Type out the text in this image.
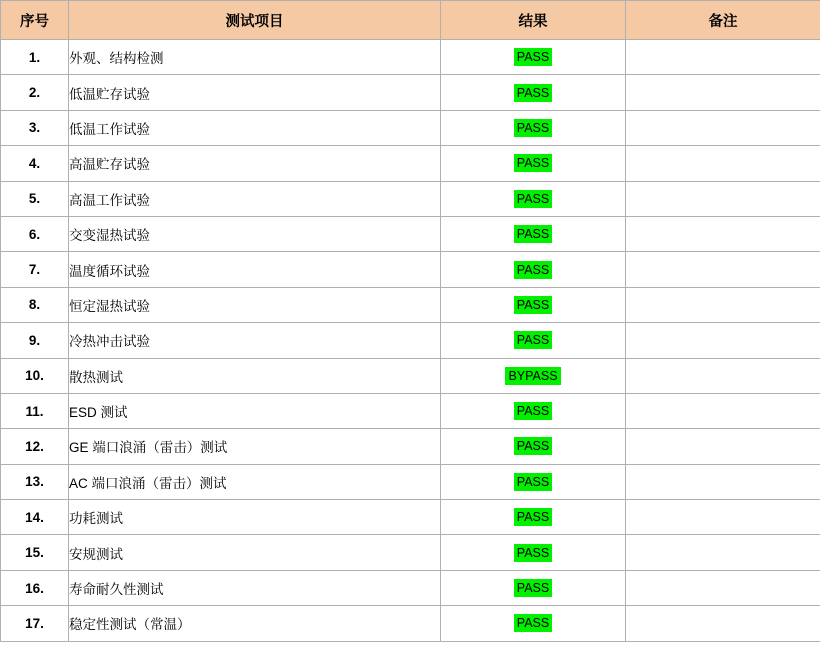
序号	测试项目	结果	备注
1.	外观、结构检测	PASS	
2.	低温贮存试验	PASS	
3.	低温工作试验	PASS	
4.	高温贮存试验	PASS	
5.	高温工作试验	PASS	
6.	交变湿热试验	PASS	
7.	温度循环试验	PASS	
8.	恒定湿热试验	PASS	
9.	冷热冲击试验	PASS	
10.	散热测试	BYPASS	
11.	ESD 测试	PASS	
12.	GE 端口浪涌（雷击）测试	PASS	
13.	AC 端口浪涌（雷击）测试	PASS	
14.	功耗测试	PASS	
15.	安规测试	PASS	
16.	寿命耐久性测试	PASS	
17.	稳定性测试（常温）	PASS	
